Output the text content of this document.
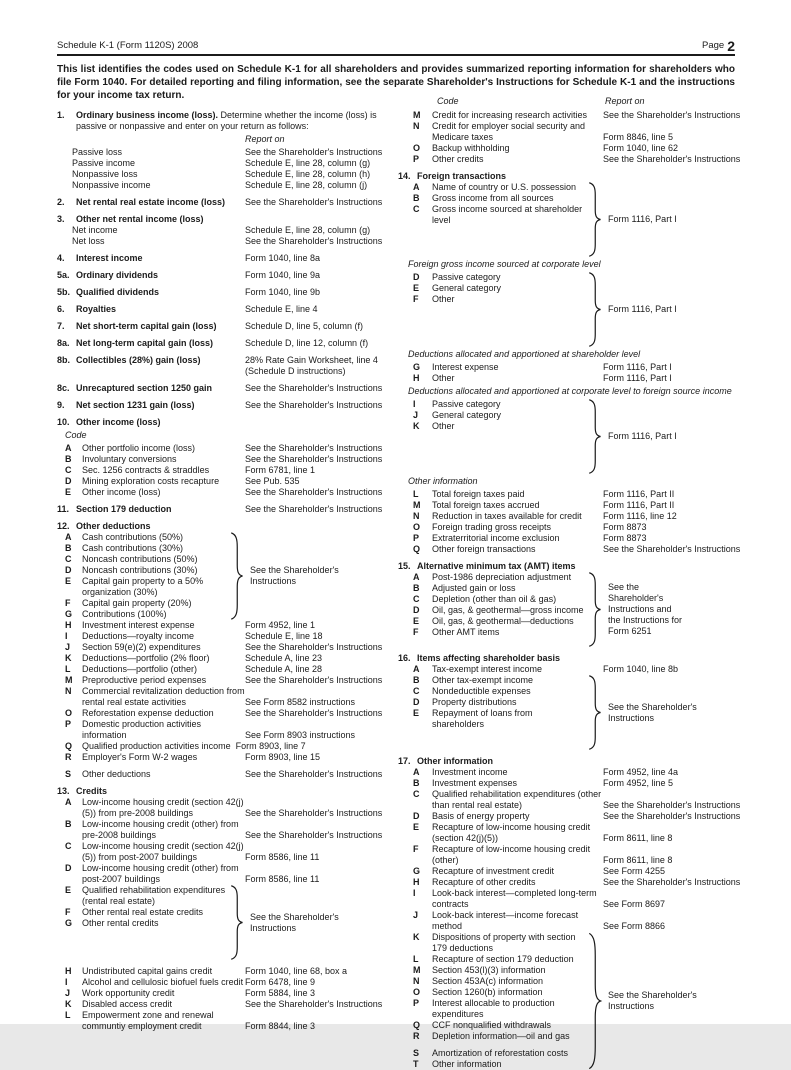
Schedule K-1 (Form 1120S) 2008	Page 2
This list identifies the codes used on Schedule K-1 for all shareholders and provides summarized reporting information for shareholders who file Form 1040. For detailed reporting and filing information, see the separate Shareholder's Instructions for Schedule K-1 and the instructions for your income tax return.
Code	Report on
1.	Ordinary business income (loss). Determine whether the income (loss) is passive or nonpassive and enter on your return as follows:
Report on
Passive loss	See the Shareholder's Instructions
Passive income	Schedule E, line 28, column (g)
Nonpassive loss	Schedule E, line 28, column (h)
Nonpassive income	Schedule E, line 28, column (j)
2.	Net rental real estate income (loss)	See the Shareholder's Instructions
3.	Other net rental income (loss)
Net income	Schedule E, line 28, column (g)
Net loss	See the Shareholder's Instructions
4.	Interest income	Form 1040, line 8a
5a. Ordinary dividends	Form 1040, line 9a
5b. Qualified dividends	Form 1040, line 9b
6.	Royalties	Schedule E, line 4
7.	Net short-term capital gain (loss)	Schedule D, line 5, column (f)
8a. Net long-term capital gain (loss)	Schedule D, line 12, column (f)
8b. Collectibles (28%) gain (loss)	28% Rate Gain Worksheet, line 4
(Schedule D instructions)
8c. Unrecaptured section 1250 gain	See the Shareholder's Instructions
9.	Net section 1231 gain (loss)	See the Shareholder's Instructions
10. Other income (loss)
Code
A	Other portfolio income (loss)	See the Shareholder's Instructions
B	Involuntary conversions	See the Shareholder's Instructions
C	Sec. 1256 contracts & straddles	Form 6781, line 1
D	Mining exploration costs recapture	See Pub. 535
E	Other income (loss)	See the Shareholder's Instructions
11. Section 179 deduction	See the Shareholder's Instructions
12. Other deductions
A	Cash contributions (50%)
B	Cash contributions (30%)
C	Noncash contributions (50%)
D	Noncash contributions (30%)
E	Capital gain property to a 50% organization (30%)
F	Capital gain property (20%)
G	Contributions (100%)
See the Shareholder's
Instructions
H	Investment interest expense	Form 4952, line 1
I	Deductions—royalty income	Schedule E, line 18
J	Section 59(e)(2) expenditures	See the Shareholder's Instructions
K	Deductions—portfolio (2% floor)	Schedule A, line 23
L	Deductions—portfolio (other)	Schedule A, line 28
M	Preproductive period expenses	See the Shareholder's Instructions
N	Commercial revitalization deduction from rental real estate activities	See Form 8582 instructions
O	Reforestation expense deduction	See the Shareholder's Instructions
P	Domestic production activities information	See Form 8903 instructions
Q	Qualified production activities income Form 8903, line 7
R	Employer's Form W-2 wages	Form 8903, line 15
S	Other deductions	See the Shareholder's Instructions
13. Credits
A	Low-income housing credit (section 42(j)(5)) from pre-2008 buildings	See the Shareholder's Instructions
B	Low-income housing credit (other) from pre-2008 buildings	See the Shareholder's Instructions
C	Low-income housing credit (section 42(j)(5)) from post-2007 buildings	Form 8586, line 11
D	Low-income housing credit (other) from post-2007 buildings	Form 8586, line 11
E	Qualified rehabilitation expenditures (rental real estate)
F	Other rental real estate credits
G	Other rental credits
See the Shareholder's
Instructions
H	Undistributed capital gains credit	Form 1040, line 68, box a
I	Alcohol and cellulosic biofuel fuels credit Form 6478, line 9
J	Work opportunity credit	Form 5884, line 3
K	Disabled access credit	See the Shareholder's Instructions
L	Empowerment zone and renewal communtiy employment credit	Form 8844, line 3
M	Credit for increasing research activities	See the Shareholder's Instructions
N	Credit for employer social security and Medicare taxes	Form 8846, line 5
O	Backup withholding	Form 1040, line 62
P	Other credits	See the Shareholder's Instructions
14. Foreign transactions
A	Name of country or U.S. possession
B	Gross income from all sources
C	Gross income sourced at shareholder level	Form 1116, Part I
Foreign gross income sourced at corporate level
D	Passive category
E	General category
F	Other
Form 1116, Part I
Deductions allocated and apportioned at shareholder level
G	Interest expense	Form 1116, Part I
H	Other	Form 1116, Part I
Deductions allocated and apportioned at corporate level to foreign source income
I	Passive category
J	General category
K	Other
Form 1116, Part I
Other information
L	Total foreign taxes paid	Form 1116, Part II
M	Total foreign taxes accrued	Form 1116, Part II
N	Reduction in taxes available for credit	Form 1116, line 12
O	Foreign trading gross receipts	Form 8873
P	Extraterritorial income exclusion	Form 8873
Q	Other foreign transactions	See the Shareholder's Instructions
15. Alternative minimum tax (AMT) items
A	Post-1986 depreciation adjustment
B	Adjusted gain or loss
C	Depletion (other than oil & gas)
D	Oil, gas, & geothermal—gross income
E	Oil, gas, & geothermal—deductions
F	Other AMT items
See the
Shareholder's
Instructions and
the Instructions for
Form 6251
16. Items affecting shareholder basis
A	Tax-exempt interest income	Form 1040, line 8b
B	Other tax-exempt income
C	Nondeductible expenses
D	Property distributions
E	Repayment of loans from shareholders
See the Shareholder's
Instructions
17. Other information
A	Investment income	Form 4952, line 4a
B	Investment expenses	Form 4952, line 5
C	Qualified rehabilitation expenditures (other than rental real estate)	See the Shareholder's Instructions
D	Basis of energy property	See the Shareholder's Instructions
E	Recapture of low-income housing credit (section 42(j)(5))	Form 8611, line 8
F	Recapture of low-income housing credit (other)	Form 8611, line 8
G	Recapture of investment credit	See Form 4255
H	Recapture of other credits	See the Shareholder's Instructions
I	Look-back interest—completed long-term contracts	See Form 8697
J	Look-back interest—income forecast method	See Form 8866
K	Dispositions of property with section 179 deductions
L	Recapture of section 179 deduction
M	Section 453(l)(3) information
N	Section 453A(c) information
O	Section 1260(b) information
P	Interest allocable to production expenditures
Q	CCF nonqualified withdrawals
R	Depletion information—oil and gas
S	Amortization of reforestation costs
T	Other information
See the Shareholder's
Instructions
